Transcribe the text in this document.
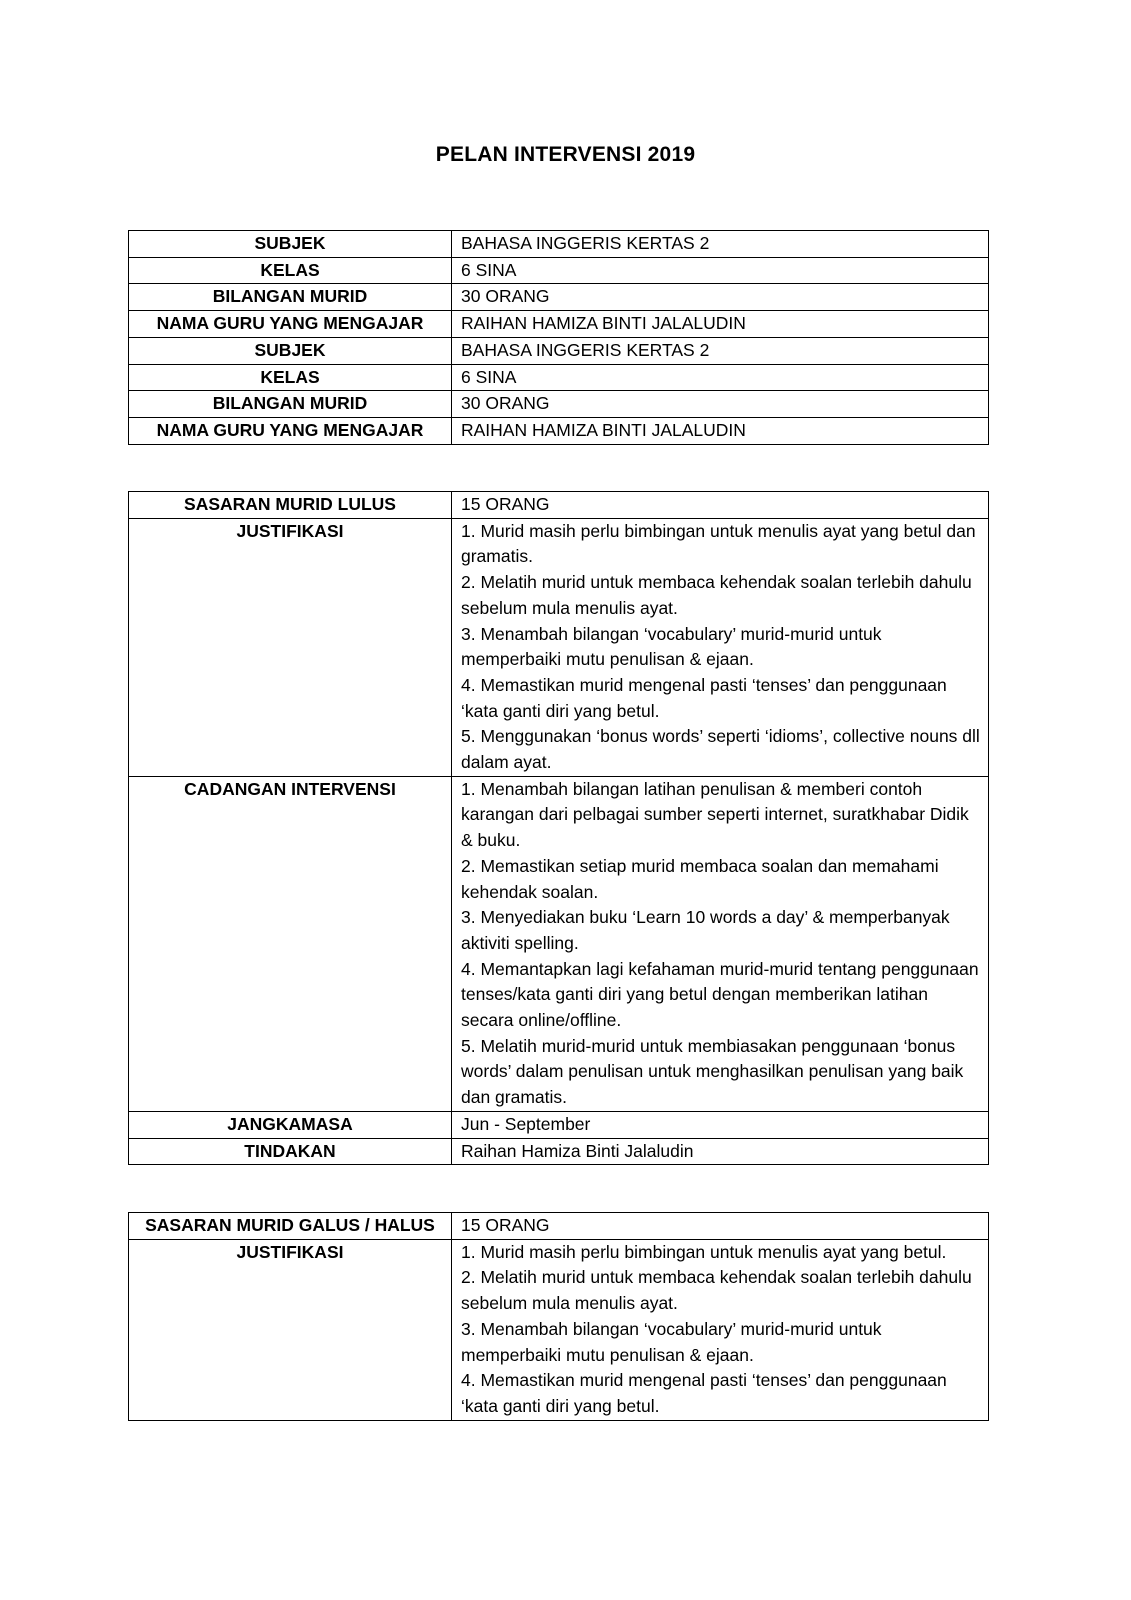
PELAN INTERVENSI 2019
SUBJEK	BAHASA INGGERIS KERTAS 2
KELAS	6 SINA
BILANGAN MURID	30 ORANG
NAMA GURU YANG MENGAJAR	RAIHAN HAMIZA BINTI JALALUDIN
SUBJEK	BAHASA INGGERIS KERTAS 2
KELAS	6 SINA
BILANGAN MURID	30 ORANG
NAMA GURU YANG MENGAJAR	RAIHAN HAMIZA BINTI JALALUDIN
SASARAN MURID LULUS	15 ORANG
JUSTIFIKASI	1. Murid masih perlu bimbingan untuk menulis ayat yang betul dan gramatis.
2. Melatih murid untuk membaca kehendak soalan terlebih dahulu sebelum mula menulis ayat.
3. Menambah bilangan ‘vocabulary’ murid-murid untuk memperbaiki mutu penulisan & ejaan.
4. Memastikan murid mengenal pasti ‘tenses’ dan penggunaan ‘kata ganti diri yang betul.
5. Menggunakan ‘bonus words’ seperti ‘idioms’, collective nouns dll dalam ayat.

CADANGAN INTERVENSI	1. Menambah bilangan latihan penulisan & memberi contoh karangan dari pelbagai sumber seperti internet, suratkhabar Didik & buku.
2. Memastikan setiap murid membaca soalan dan memahami kehendak soalan.
3. Menyediakan buku ‘Learn 10 words a day’ & memperbanyak aktiviti spelling.
4. Memantapkan lagi kefahaman murid-murid tentang penggunaan tenses/kata ganti diri yang betul dengan memberikan latihan secara online/offline.
5. Melatih murid-murid untuk membiasakan penggunaan ‘bonus words’ dalam penulisan untuk menghasilkan penulisan yang baik dan gramatis.

JANGKAMASA	Jun - September
TINDAKAN	Raihan Hamiza Binti Jalaludin
SASARAN MURID GALUS / HALUS	15 ORANG
JUSTIFIKASI	1. Murid masih perlu bimbingan untuk menulis ayat yang betul.
2. Melatih murid untuk membaca kehendak soalan terlebih dahulu sebelum mula menulis ayat.
3. Menambah bilangan ‘vocabulary’ murid-murid untuk memperbaiki mutu penulisan & ejaan.
4. Memastikan murid mengenal pasti ‘tenses’ dan penggunaan ‘kata ganti diri yang betul.
